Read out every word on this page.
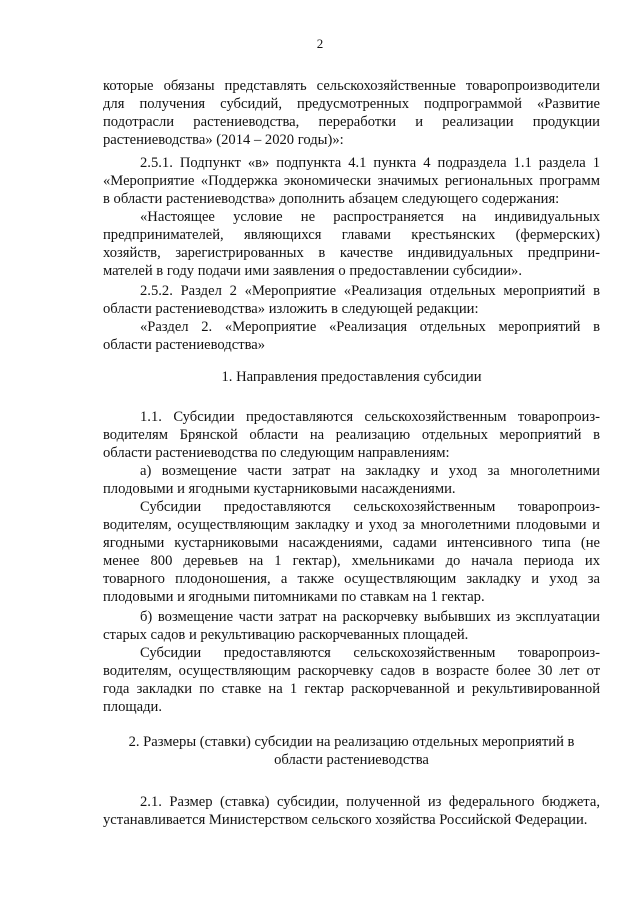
2
которые обязаны представлять сельскохозяйственные товаропроизводители
для получения субсидий, предусмотренных подпрограммой «Развитие
подотрасли растениеводства, переработки и реализации продукции
растениеводства» (2014 – 2020 годы)»:
2.5.1. Подпункт «в» подпункта 4.1 пункта 4 подраздела 1.1 раздела 1
«Мероприятие «Поддержка экономически значимых региональных программ
в области растениеводства» дополнить абзацем следующего содержания:
«Настоящее условие не распространяется на индивидуальных
предпринимателей, являющихся главами крестьянских (фермерских)
хозяйств, зарегистрированных в качестве индивидуальных предприни-
мателей в году подачи ими заявления о предоставлении субсидии».
2.5.2. Раздел 2 «Мероприятие «Реализация отдельных мероприятий в
области растениеводства» изложить в следующей редакции:
«Раздел 2. «Мероприятие «Реализация отдельных мероприятий в
области растениеводства»
1. Направления предоставления субсидии
1.1. Субсидии предоставляются сельскохозяйственным товаропроиз-
водителям Брянской области на реализацию отдельных мероприятий в
области растениеводства по следующим направлениям:
а) возмещение части затрат на закладку и уход за многолетними
плодовыми и ягодными кустарниковыми насаждениями.
Субсидии предоставляются сельскохозяйственным товаропроиз-
водителям, осуществляющим закладку и уход за многолетними плодовыми и
ягодными кустарниковыми насаждениями, садами интенсивного типа (не
менее 800 деревьев на 1 гектар), хмельниками до начала периода их
товарного плодоношения, а также осуществляющим закладку и уход за
плодовыми и ягодными питомниками по ставкам на 1 гектар.
б) возмещение части затрат на раскорчевку выбывших из эксплуатации
старых садов и рекультивацию раскорчеванных площадей.
Субсидии предоставляются сельскохозяйственным товаропроиз-
водителям, осуществляющим раскорчевку садов в возрасте более 30 лет от
года закладки по ставке на 1 гектар раскорчеванной и рекультивированной
площади.
2. Размеры (ставки) субсидии на реализацию отдельных мероприятий в
области растениеводства
2.1. Размер (ставка) субсидии, полученной из федерального бюджета,
устанавливается Министерством сельского хозяйства Российской Федерации.
